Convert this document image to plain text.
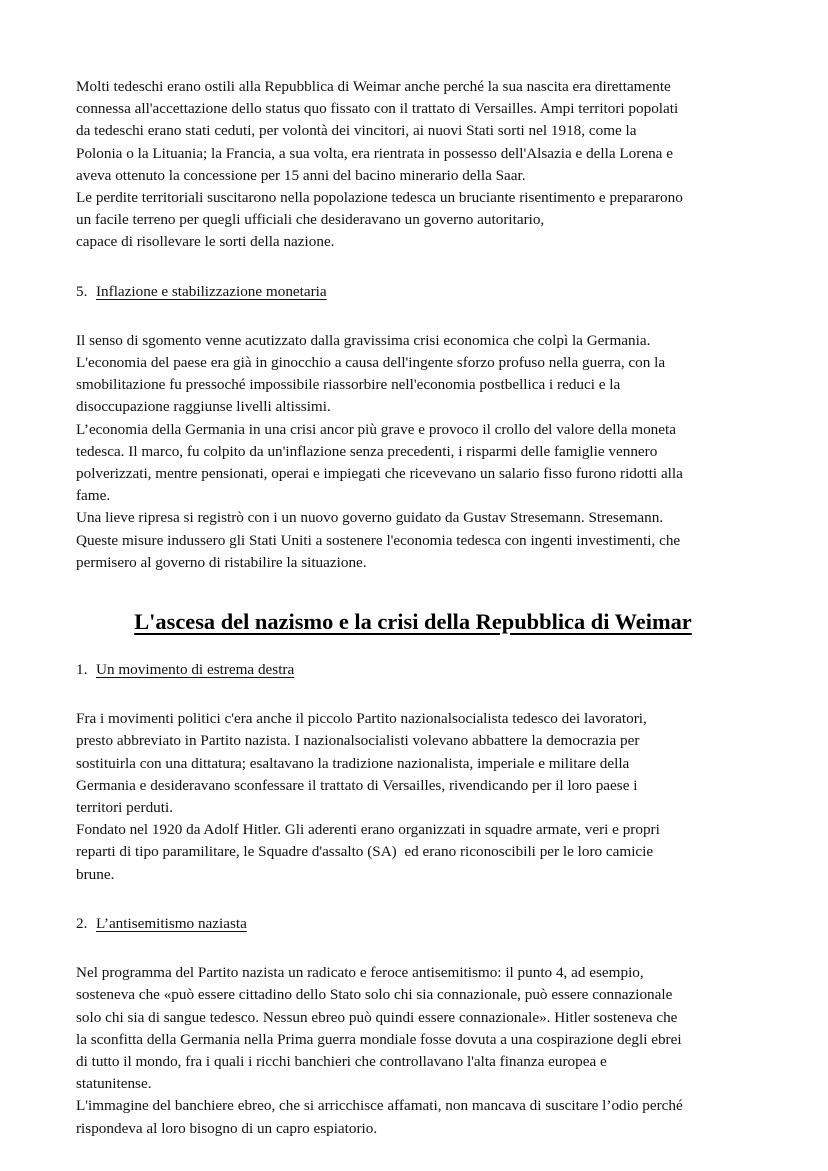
Molti tedeschi erano ostili alla Repubblica di Weimar anche perché la sua nascita era direttamente
connessa all'accettazione dello status quo fissato con il trattato di Versailles. Ampi territori popolati
da tedeschi erano stati ceduti, per volontà dei vincitori, ai nuovi Stati sorti nel 1918, come la
Polonia o la Lituania; la Francia, a sua volta, era rientrata in possesso dell'Alsazia e della Lorena e
aveva ottenuto la concessione per 15 anni del bacino minerario della Saar.
Le perdite territoriali suscitarono nella popolazione tedesca un bruciante risentimento e prepararono
un facile terreno per quegli ufficiali che desideravano un governo autoritario,
capace di risollevare le sorti della nazione.
5. Inflazione e stabilizzazione monetaria
Il senso di sgomento venne acutizzato dalla gravissima crisi economica che colpì la Germania.
L'economia del paese era già in ginocchio a causa dell'ingente sforzo profuso nella guerra, con la
smobilitazione fu pressoché impossibile riassorbire nell'economia postbellica i reduci e la
disoccupazione raggiunse livelli altissimi.
L’economia della Germania in una crisi ancor più grave e provoco il crollo del valore della moneta
tedesca. Il marco, fu colpito da un'inflazione senza precedenti, i risparmi delle famiglie vennero
polverizzati, mentre pensionati, operai e impiegati che ricevevano un salario fisso furono ridotti alla
fame.
Una lieve ripresa si registrò con i un nuovo governo guidato da Gustav Stresemann. Stresemann.
Queste misure indussero gli Stati Uniti a sostenere l'economia tedesca con ingenti investimenti, che
permisero al governo di ristabilire la situazione.
L'ascesa del nazismo e la crisi della Repubblica di Weimar
1. Un movimento di estrema destra
Fra i movimenti politici c'era anche il piccolo Partito nazionalsocialista tedesco dei lavoratori,
presto abbreviato in Partito nazista. I nazionalsocialisti volevano abbattere la democrazia per
sostituirla con una dittatura; esaltavano la tradizione nazionalista, imperiale e militare della
Germania e desideravano sconfessare il trattato di Versailles, rivendicando per il loro paese i
territori perduti.
Fondato nel 1920 da Adolf Hitler. Gli aderenti erano organizzati in squadre armate, veri e propri
reparti di tipo paramilitare, le Squadre d'assalto (SA)  ed erano riconoscibili per le loro camicie
brune.
2. L’antisemitismo naziasta
Nel programma del Partito nazista un radicato e feroce antisemitismo: il punto 4, ad esempio,
sosteneva che «può essere cittadino dello Stato solo chi sia connazionale, può essere connazionale
solo chi sia di sangue tedesco. Nessun ebreo può quindi essere connazionale». Hitler sosteneva che
la sconfitta della Germania nella Prima guerra mondiale fosse dovuta a una cospirazione degli ebrei
di tutto il mondo, fra i quali i ricchi banchieri che controllavano l'alta finanza europea e
statunitense.
L'immagine del banchiere ebreo, che si arricchisce affamati, non mancava di suscitare l’odio perché
rispondeva al loro bisogno di un capro espiatorio.
